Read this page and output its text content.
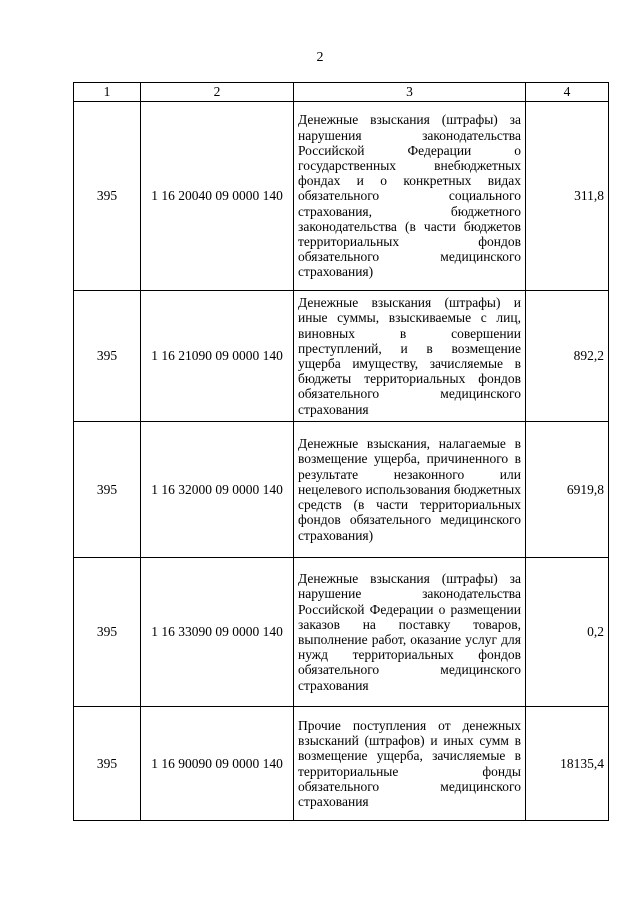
2
1	2	3	4
395	1 16 20040 09 0000 140	Денежные взыскания (штрафы) за нарушения законодательства Российской Федерации о государственных внебюджетных фондах и о конкретных видах обязательного социального страхования, бюджетного законодательства (в части бюджетов территориальных фондов обязательного медицинского страхования)	311,8
395	1 16 21090 09 0000 140	Денежные взыскания (штрафы) и иные суммы, взыскиваемые с лиц, виновных в совершении преступлений, и в возмещение ущерба имуществу, зачисляемые в бюджеты территориальных фондов обязательного медицинского страхования	892,2
395	1 16 32000 09 0000 140	Денежные взыскания, налагаемые в возмещение ущерба, причиненного в результате незаконного или нецелевого использования бюджетных средств (в части территориальных фондов обязательного медицинского страхования)	6919,8
395	1 16 33090 09 0000 140	Денежные взыскания (штрафы) за нарушение законодательства Российской Федерации о размещении заказов на поставку товаров, выполнение работ, оказание услуг для нужд территориальных фондов обязательного медицинского страхования	0,2
395	1 16 90090 09 0000 140	Прочие поступления от денежных взысканий (штрафов) и иных сумм в возмещение ущерба, зачисляемые в территориальные фонды обязательного медицинского страхования	18135,4
